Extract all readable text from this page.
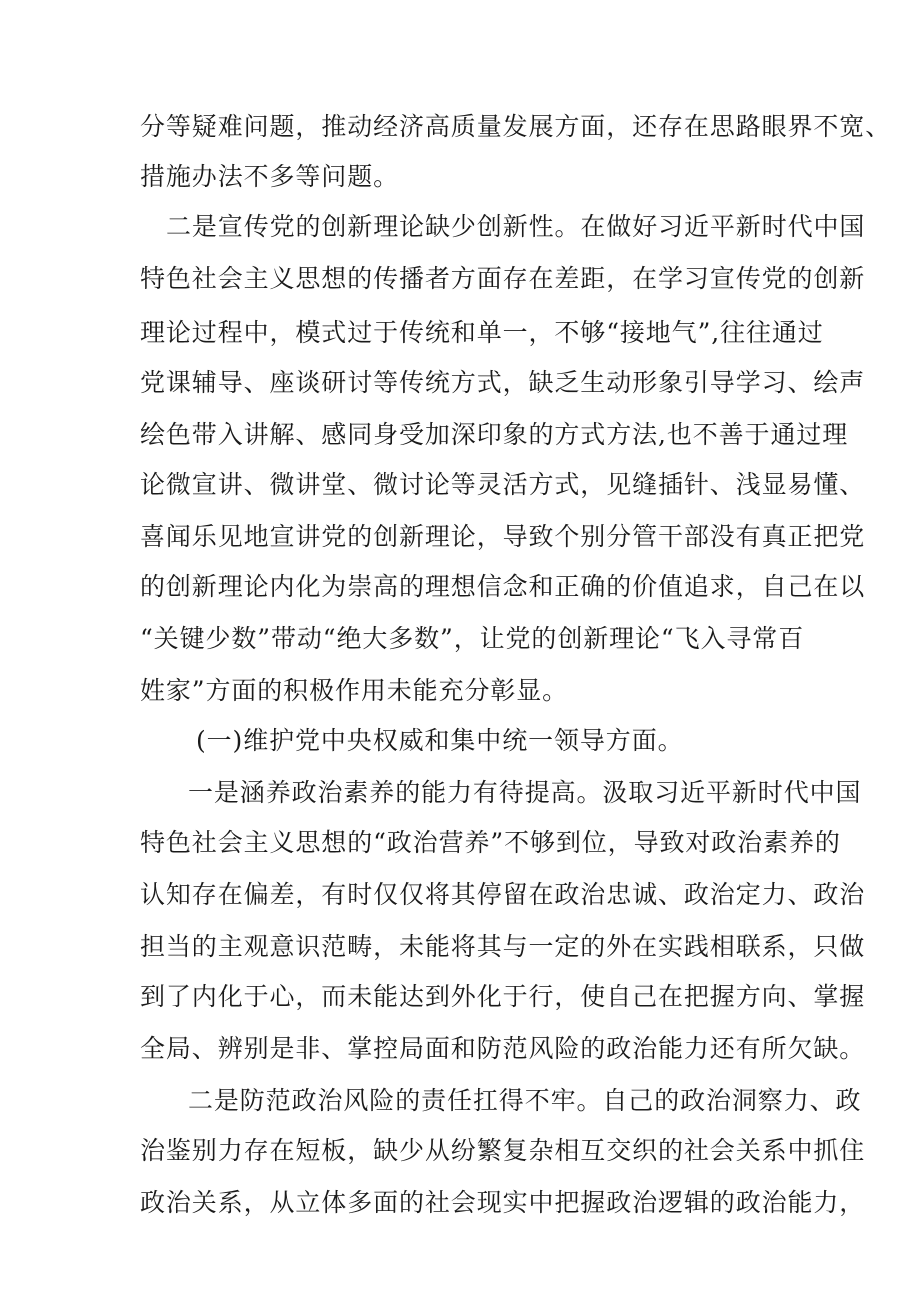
分等疑难问题，推动经济高质量发展方面，还存在思路眼界不宽、
措施办法不多等问题。
二是宣传党的创新理论缺少创新性。在做好习近平新时代中国
特色社会主义思想的传播者方面存在差距，在学习宣传党的创新
理论过程中，模式过于传统和单一，不够“接地气”,往往通过
党课辅导、座谈研讨等传统方式，缺乏生动形象引导学习、绘声
绘色带入讲解、感同身受加深印象的方式方法,也不善于通过理
论微宣讲、微讲堂、微讨论等灵活方式，见缝插针、浅显易懂、
喜闻乐见地宣讲党的创新理论，导致个别分管干部没有真正把党
的创新理论内化为崇高的理想信念和正确的价值追求，自己在以
“关键少数”带动“绝大多数”，让党的创新理论“飞入寻常百
姓家”方面的积极作用未能充分彰显。
(一)维护党中央权威和集中统一领导方面。
一是涵养政治素养的能力有待提高。汲取习近平新时代中国
特色社会主义思想的“政治营养”不够到位，导致对政治素养的
认知存在偏差，有时仅仅将其停留在政治忠诚、政治定力、政治
担当的主观意识范畴，未能将其与一定的外在实践相联系，只做
到了内化于心，而未能达到外化于行，使自己在把握方向、掌握
全局、辨别是非、掌控局面和防范风险的政治能力还有所欠缺。
二是防范政治风险的责任扛得不牢。自己的政治洞察力、政
治鉴别力存在短板，缺少从纷繁复杂相互交织的社会关系中抓住
政治关系，从立体多面的社会现实中把握政治逻辑的政治能力，
